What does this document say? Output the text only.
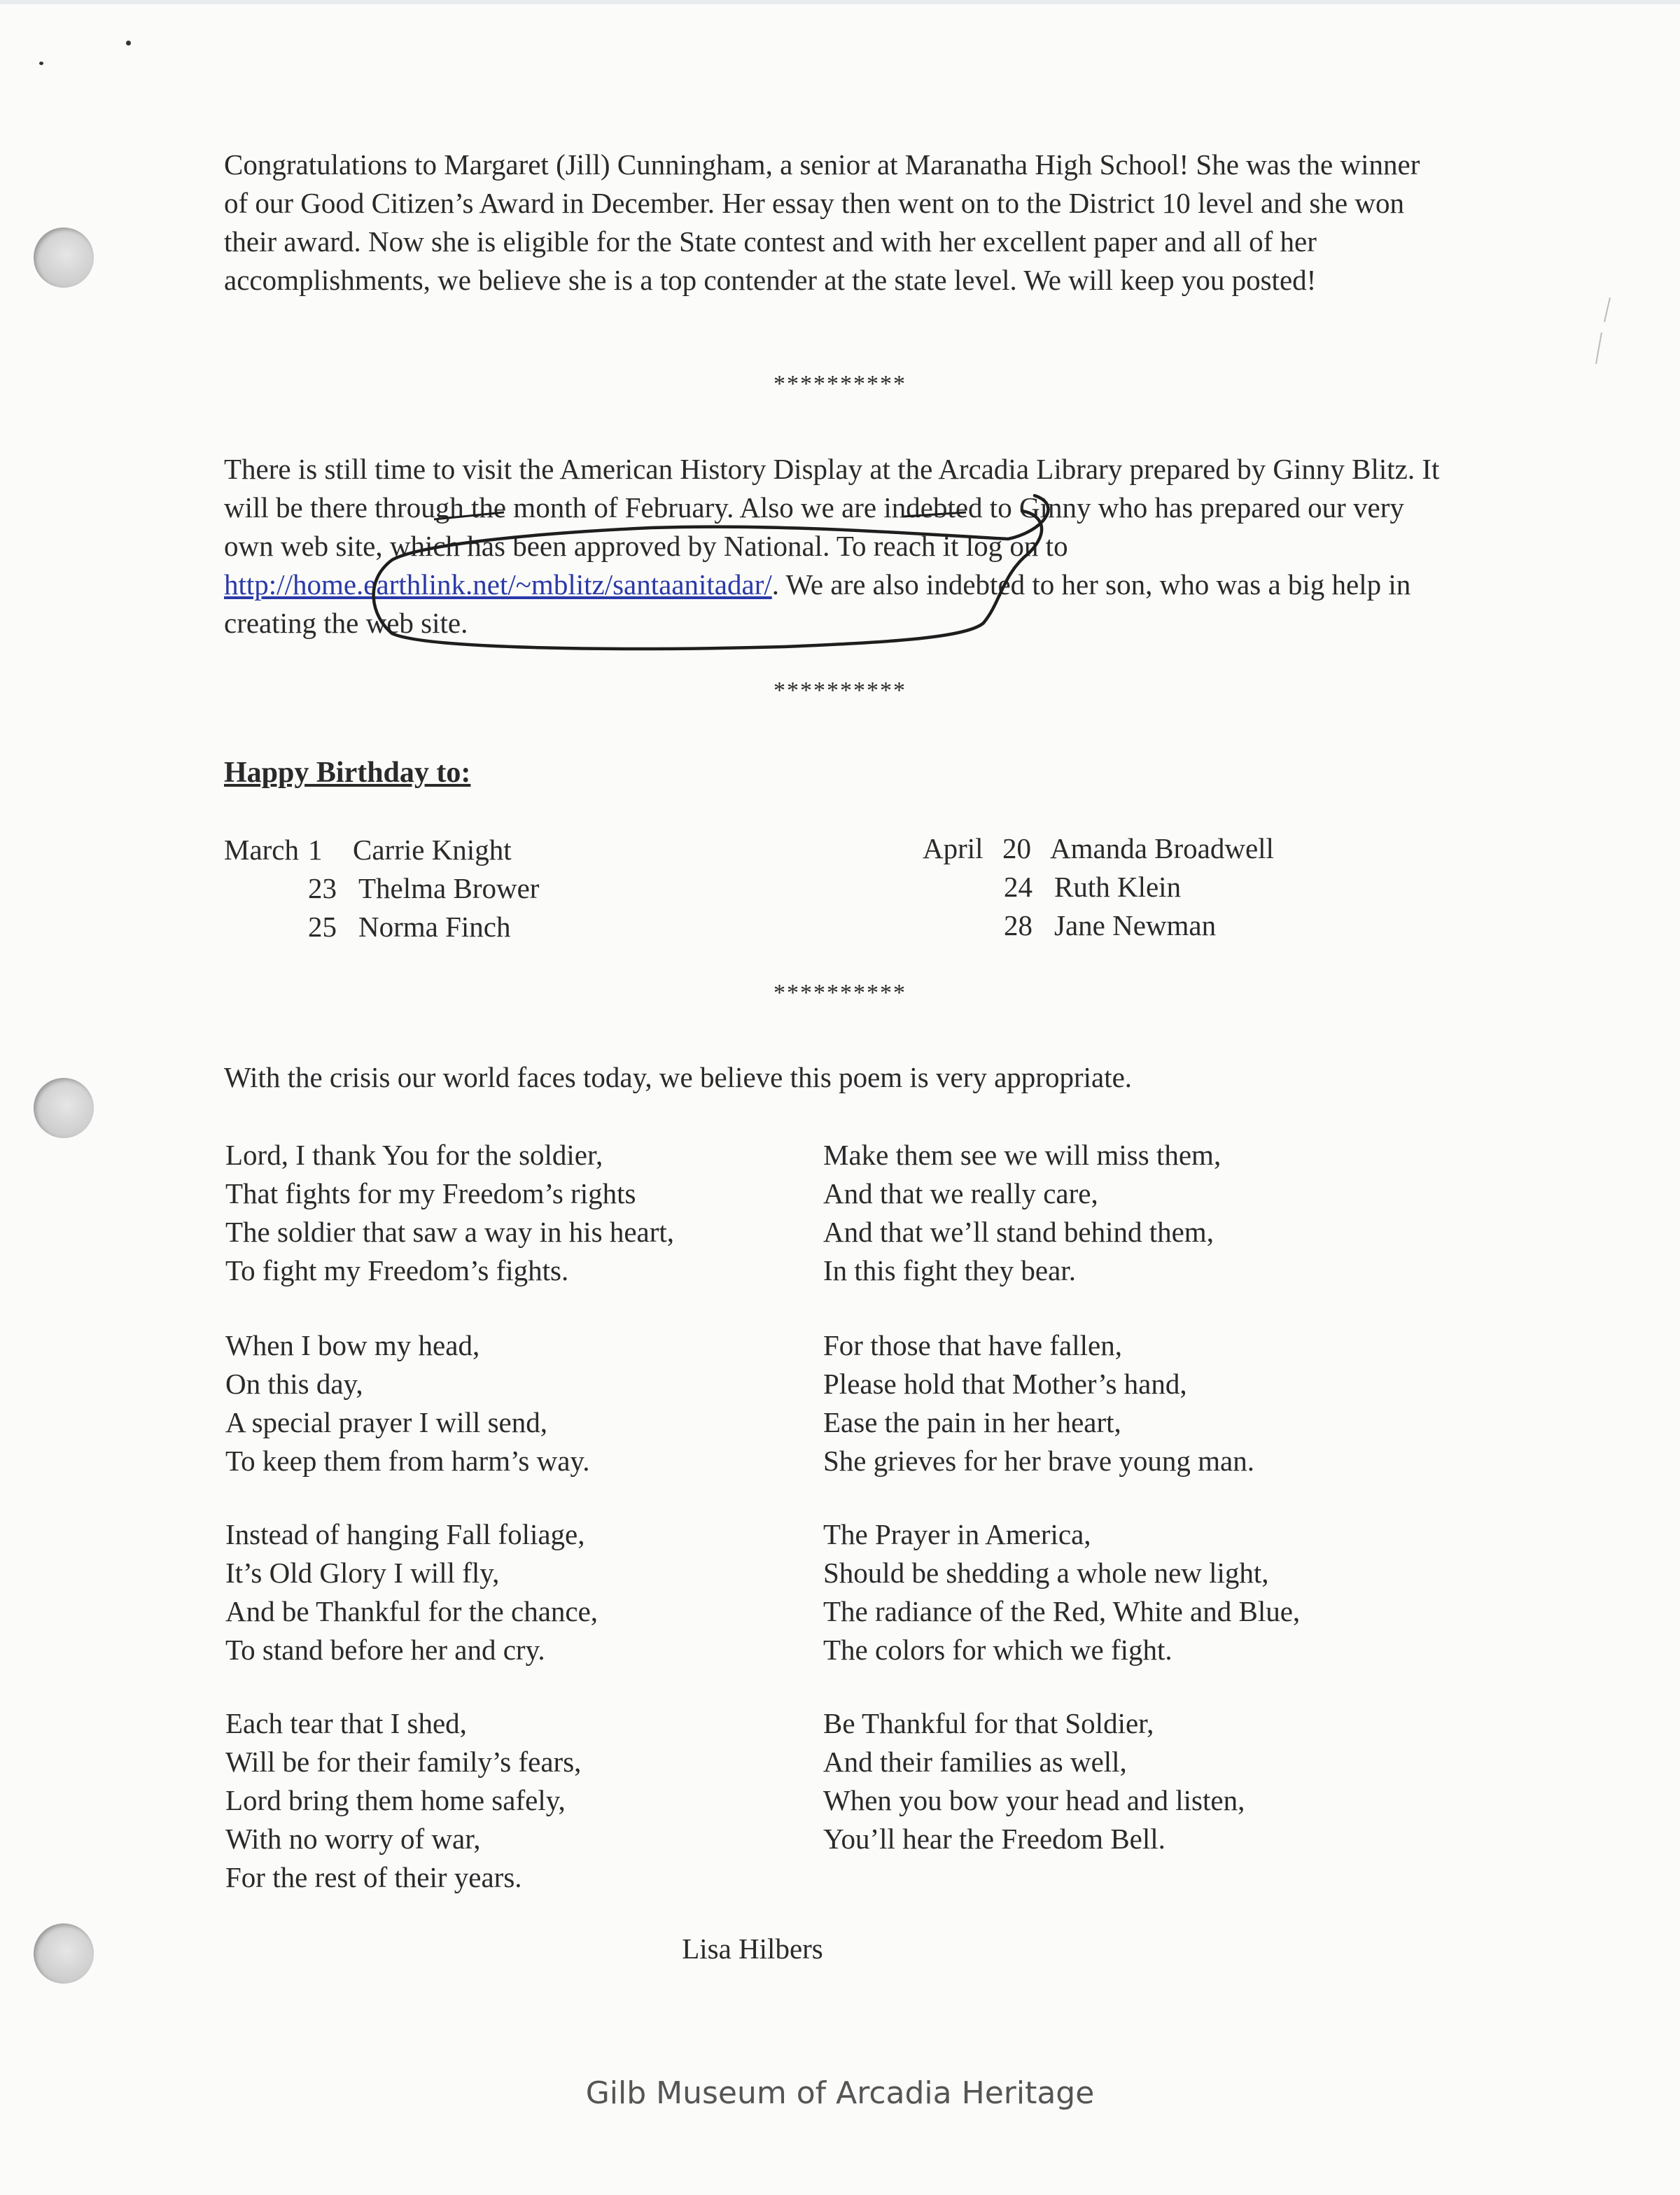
Congratulations to Margaret (Jill) Cunningham, a senior at Maranatha High School! She was the winner of our Good Citizen’s Award in December. Her essay then went on to the District 10 level and she won their award. Now she is eligible for the State contest and with her excellent paper and all of her accomplishments, we believe she is a top contender at the state level. We will keep you posted!

**********

There is still time to visit the American History Display at the Arcadia Library prepared by Ginny Blitz. It will be there through the month of February. Also we are indebted to Ginny who has prepared our very own web site, which has been approved by National. To reach it log on to http://home.earthlink.net/~mblitz/santaanitadar/. We are also indebted to her son, who was a big help in creating the web site.

**********

Happy Birthday to:

March 1 Carrie Knight
23 Thelma Brower
25 Norma Finch
April 20 Amanda Broadwell
24 Ruth Klein
28 Jane Newman

**********

With the crisis our world faces today, we believe this poem is very appropriate.

Lord, I thank You for the soldier,
That fights for my Freedom’s rights
The soldier that saw a way in his heart,
To fight my Freedom’s fights.
When I bow my head,
On this day,
A special prayer I will send,
To keep them from harm’s way.
Instead of hanging Fall foliage,
It’s Old Glory I will fly,
And be Thankful for the chance,
To stand before her and cry.
Each tear that I shed,
Will be for their family’s fears,
Lord bring them home safely,
With no worry of war,
For the rest of their years.
Make them see we will miss them,
And that we really care,
And that we’ll stand behind them,
In this fight they bear.
For those that have fallen,
Please hold that Mother’s hand,
Ease the pain in her heart,
She grieves for her brave young man.
The Prayer in America,
Should be shedding a whole new light,
The radiance of the Red, White and Blue,
The colors for which we fight.
Be Thankful for that Soldier,
And their families as well,
When you bow your head and listen,
You’ll hear the Freedom Bell.

Lisa Hilbers

Gilb Museum of Arcadia Heritage
